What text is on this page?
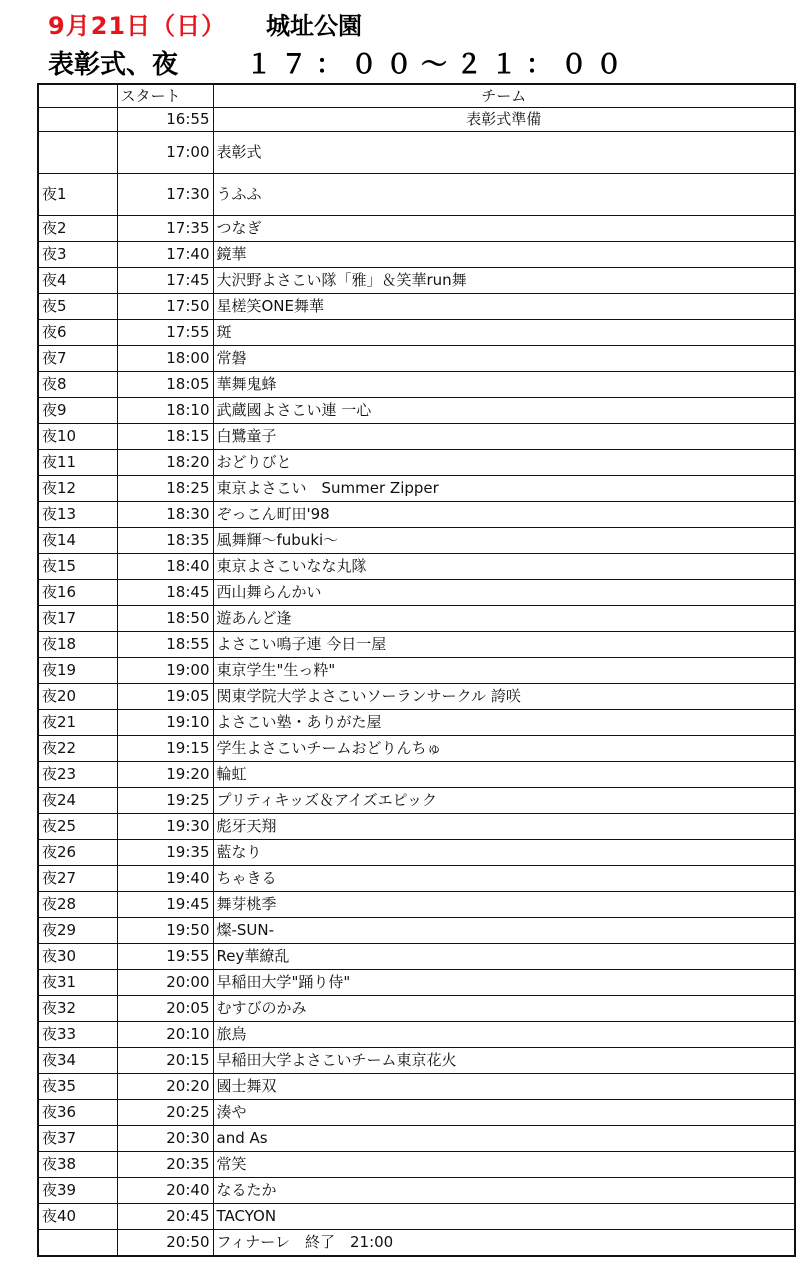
9月21日（日） 城址公園
表彰式、夜	１７：００～２１：００
	スタート	チーム
	16:55	表彰式準備
	17:00	表彰式
夜1	17:30	うふふ
夜2	17:35	つなぎ
夜3	17:40	鏡華
夜4	17:45	大沢野よさこい隊「雅」＆笑華run舞
夜5	17:50	星槎笑ONE舞華
夜6	17:55	斑
夜7	18:00	常磐
夜8	18:05	華舞鬼蜂
夜9	18:10	武蔵國よさこい連 一心
夜10	18:15	白鷺童子
夜11	18:20	おどりびと
夜12	18:25	東京よさこい　Summer Zipper
夜13	18:30	ぞっこん町田'98
夜14	18:35	風舞輝～fubuki～
夜15	18:40	東京よさこいなな丸隊
夜16	18:45	西山舞らんかい
夜17	18:50	遊あんど逢
夜18	18:55	よさこい鳴子連 今日一屋
夜19	19:00	東京学生"生っ粋"
夜20	19:05	関東学院大学よさこいソーランサークル 誇咲
夜21	19:10	よさこい塾・ありがた屋
夜22	19:15	学生よさこいチームおどりんちゅ
夜23	19:20	輪虹
夜24	19:25	プリティキッズ＆アイズエピック
夜25	19:30	彪牙天翔
夜26	19:35	藍なり
夜27	19:40	ちゃきる
夜28	19:45	舞芽桃季
夜29	19:50	燦-SUN-
夜30	19:55	Rey華繚乱
夜31	20:00	早稲田大学"踊り侍"
夜32	20:05	むすびのかみ
夜33	20:10	旅鳥
夜34	20:15	早稲田大学よさこいチーム東京花火
夜35	20:20	國士舞双
夜36	20:25	湊や
夜37	20:30	and As
夜38	20:35	常笑
夜39	20:40	なるたか
夜40	20:45	TACYON
	20:50	フィナーレ　終了　21:00
